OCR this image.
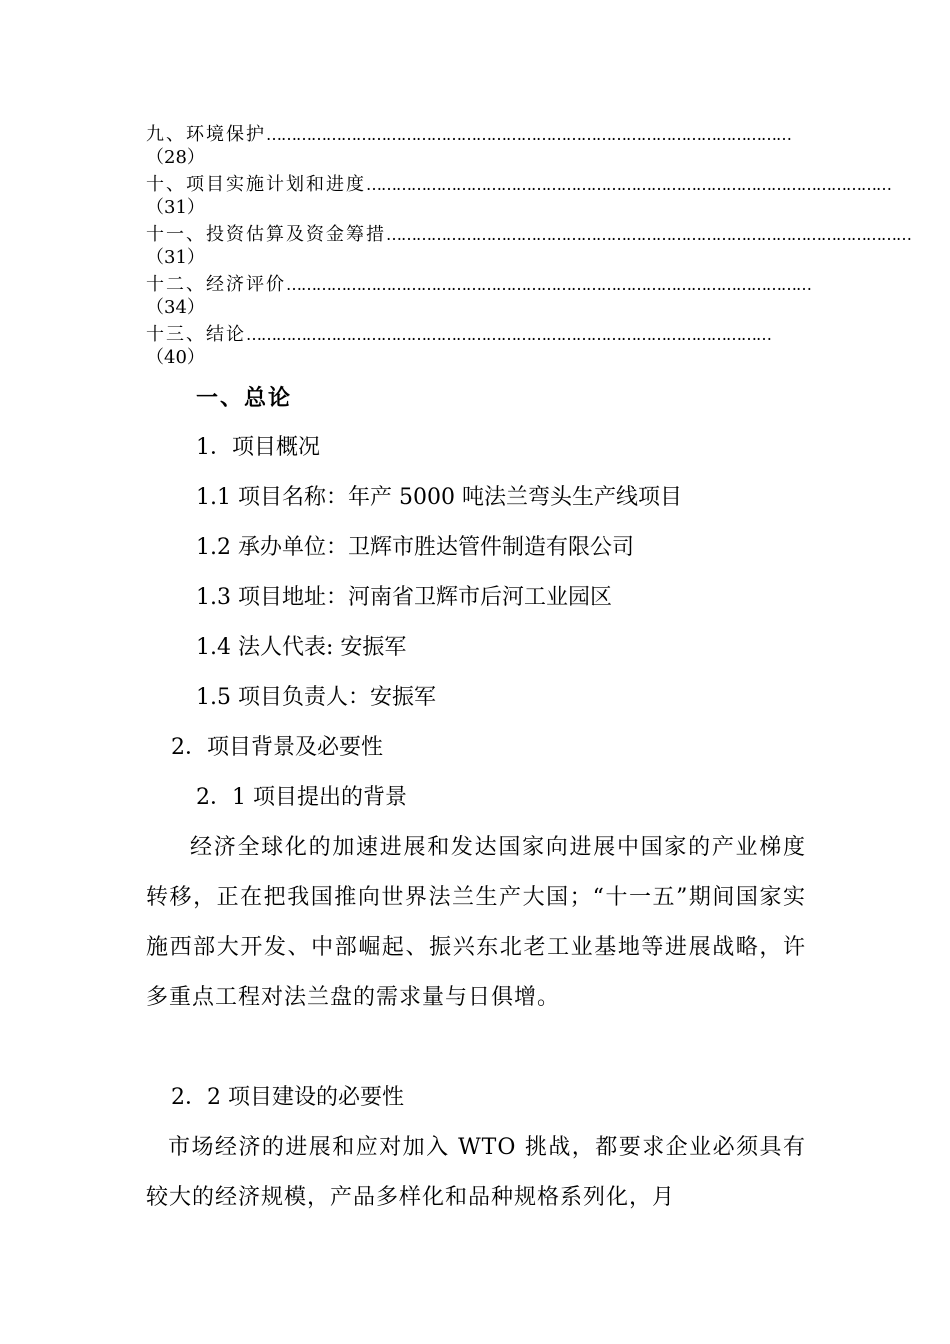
九、环境保护 ……………………………………………………………………………………………
（28）
十、项目实施计划和进度 ……………………………………………………………………………………………
（31）
十一、投资估算及资金筹措 ……………………………………………………………………………………………
（31）
十二、经济评价 ……………………………………………………………………………………………
（34）
十三、结论 ……………………………………………………………………………………………
（40）
一、总论
1．项目概况
1.1 项目名称：年产 5000 吨法兰弯头生产线项目
1.2 承办单位：卫辉市胜达管件制造有限公司
1.3 项目地址：河南省卫辉市后河工业园区
1.4 法人代表: 安振军
1.5 项目负责人：安振军
2．项目背景及必要性
2．1 项目提出的背景
经济全球化的加速进展和发达国家向进展中国家的产业梯度转移，正在把我国推向世界法兰生产大国；“十一五”期间国家实施西部大开发、中部崛起、振兴东北老工业基地等进展战略，许多重点工程对法兰盘的需求量与日俱增。
2．2 项目建设的必要性
市场经济的进展和应对加入 WTO 挑战，都要求企业必须具有较大的经济规模，产品多样化和品种规格系列化，月
